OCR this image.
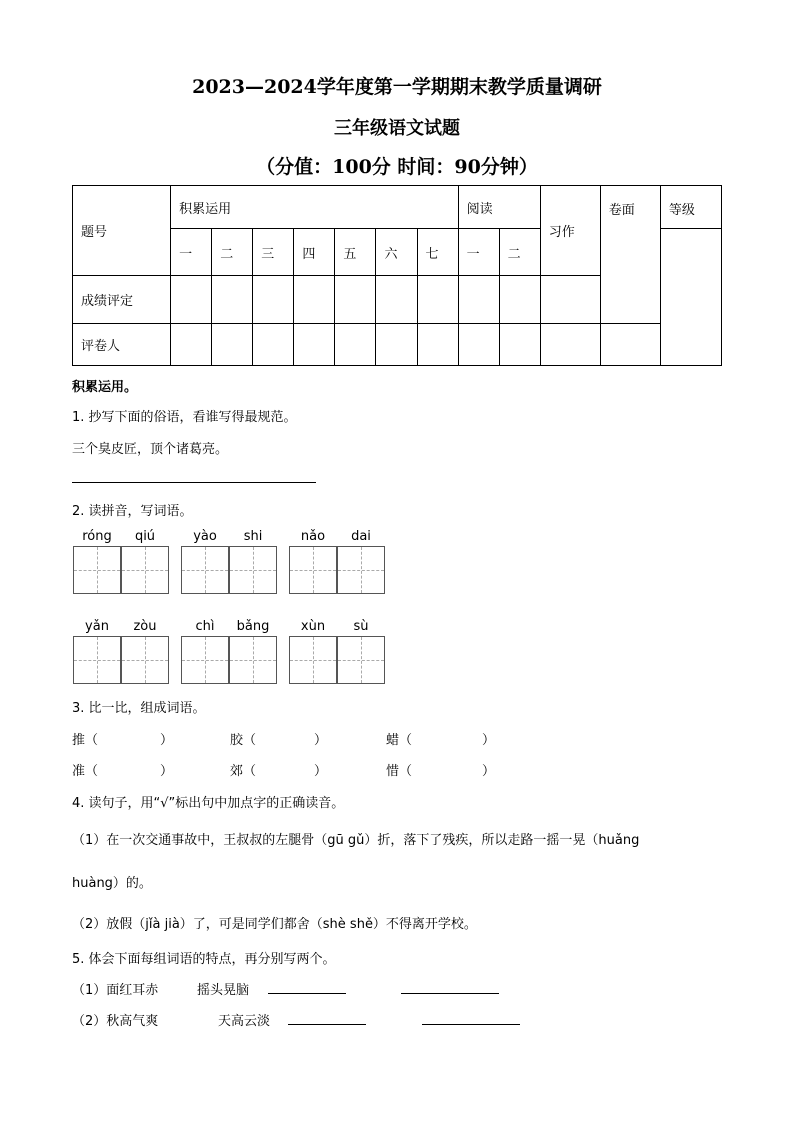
2023—2024学年度第一学期期末教学质量调研
三年级语文试题
（分值：100分 时间：90分钟）
题号	积累运用							阅读		习作	卷面	等级

	一	二	三	四	五	六	七	一	二			

成绩评定												

评卷人												

积累运用。
1. 抄写下面的俗语，看谁写得最规范。
三个臭皮匠，顶个诸葛亮。
2. 读拼音，写词语。
róng	qiú	yào	shi	nǎo	dai
yǎn	zòu	chì	bǎng	xùn	sù
3. 比一比，组成词语。
推（	）	胶（	）	蜡（	）
准（	）	郊（	）	惜（	）
4. 读句子，用“√”标出句中加点字的正确读音。
（1）在一次交通事故中，王叔叔的左腿骨（gū gǔ）折，落下了残疾，所以走路一摇一晃（huǎng
huàng）的。
（2）放假（jǐà jià）了，可是同学们都舍（shè shě）不得离开学校。
5. 体会下面每组词语的特点，再分别写两个。
（1）面红耳赤	摇头晃脑
（2）秋高气爽	天高云淡
